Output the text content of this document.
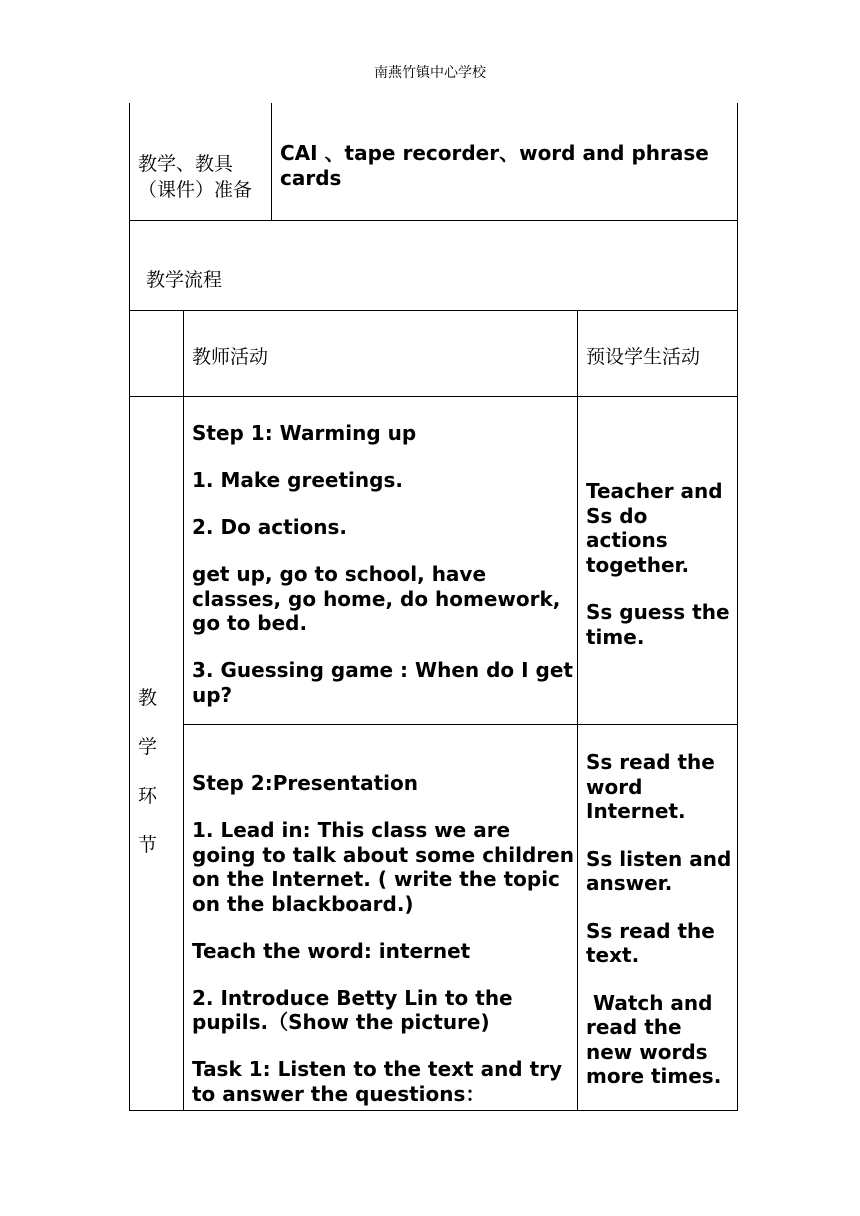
南燕竹镇中心学校
教学、教具（课件）准备
CAI 、tape recorder、word and phrase cards
教学流程
教师活动	预设学生活动
教
学
环
节

Step 1: Warming up

1. Make greetings.

2. Do actions.

get up, go to school, have classes, go home, do homework, go to bed.

3. Guessing game : When do I get up?

Teacher and Ss do actions together.

Ss guess the time.

Step 2:Presentation

1. Lead in: This class we are going to talk about some children on the Internet. ( write the topic on the blackboard.)

Teach the word: internet

2. Introduce Betty Lin to the pupils.（Show the picture)

Task 1: Listen to the text and try to answer the questions：

Ss read the word Internet.

Ss listen and answer.

Ss read the text.

Watch and read the new words more times.
